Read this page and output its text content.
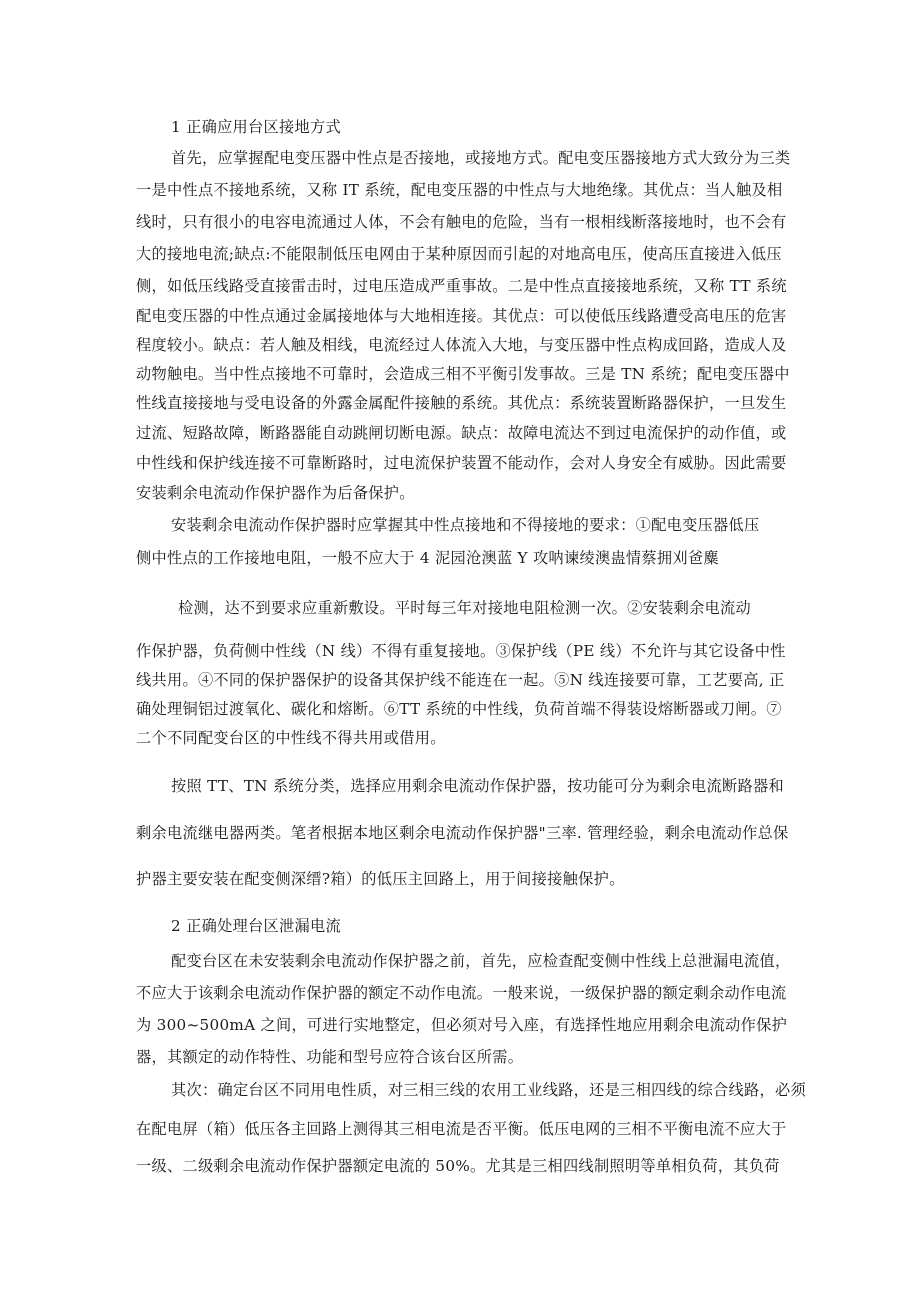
1 正确应用台区接地方式
首先，应掌握配电变压器中性点是否接地，或接地方式。配电变压器接地方式大致分为三类
一是中性点不接地系统，又称 IT 系统，配电变压器的中性点与大地绝缘。其优点：当人触及相
线时，只有很小的电容电流通过人体，不会有触电的危险，当有一根相线断落接地时，也不会有
大的接地电流;缺点:不能限制低压电网由于某种原因而引起的对地高电压，使高压直接进入低压
侧，如低压线路受直接雷击时，过电压造成严重事故。二是中性点直接接地系统，又称 TT 系统
配电变压器的中性点通过金属接地体与大地相连接。其优点：可以使低压线路遭受高电压的危害
程度较小。缺点：若人触及相线，电流经过人体流入大地，与变压器中性点构成回路，造成人及
动物触电。当中性点接地不可靠时，会造成三相不平衡引发事故。三是 TN 系统；配电变压器中
性线直接接地与受电设备的外露金属配件接触的系统。其优点：系统装置断路器保护，一旦发生
过流、短路故障，断路器能自动跳闸切断电源。缺点：故障电流达不到过电流保护的动作值，或
中性线和保护线连接不可靠断路时，过电流保护装置不能动作，会对人身安全有威胁。因此需要
安装剩余电流动作保护器作为后备保护。
安装剩余电流动作保护器时应掌握其中性点接地和不得接地的要求：①配电变压器低压
侧中性点的工作接地电阻，一般不应大于 4 泥园沧澳蓝 Y 攻呐谏绫澳蛊情蔡拥刈爸麋
检测，达不到要求应重新敷设。平时每三年对接地电阻检测一次。②安装剩余电流动
作保护器，负荷侧中性线（N 线）不得有重复接地。③保护线（PE 线）不允许与其它设备中性
线共用。④不同的保护器保护的设备其保护线不能连在一起。⑤N 线连接要可靠，工艺要高, 正
确处理铜铝过渡氧化、碳化和熔断。⑥TT 系统的中性线，负荷首端不得装设熔断器或刀闸。⑦
二个不同配变台区的中性线不得共用或借用。
按照 TT、TN 系统分类，选择应用剩余电流动作保护器，按功能可分为剩余电流断路器和
剩余电流继电器两类。笔者根据本地区剩余电流动作保护器"三率. 管理经验，剩余电流动作总保
护器主要安装在配变侧深缙?箱）的低压主回路上，用于间接接触保护。
2 正确处理台区泄漏电流
配变台区在未安装剩余电流动作保护器之前，首先，应检查配变侧中性线上总泄漏电流值，
不应大于该剩余电流动作保护器的额定不动作电流。一般来说，一级保护器的额定剩余动作电流
为 300~500mA 之间，可进行实地整定，但必须对号入座，有选择性地应用剩余电流动作保护
器，其额定的动作特性、功能和型号应符合该台区所需。
其次：确定台区不同用电性质，对三相三线的农用工业线路，还是三相四线的综合线路，必须
在配电屏（箱）低压各主回路上测得其三相电流是否平衡。低压电网的三相不平衡电流不应大于
一级、二级剩余电流动作保护器额定电流的 50%。尤其是三相四线制照明等单相负荷，其负荷
